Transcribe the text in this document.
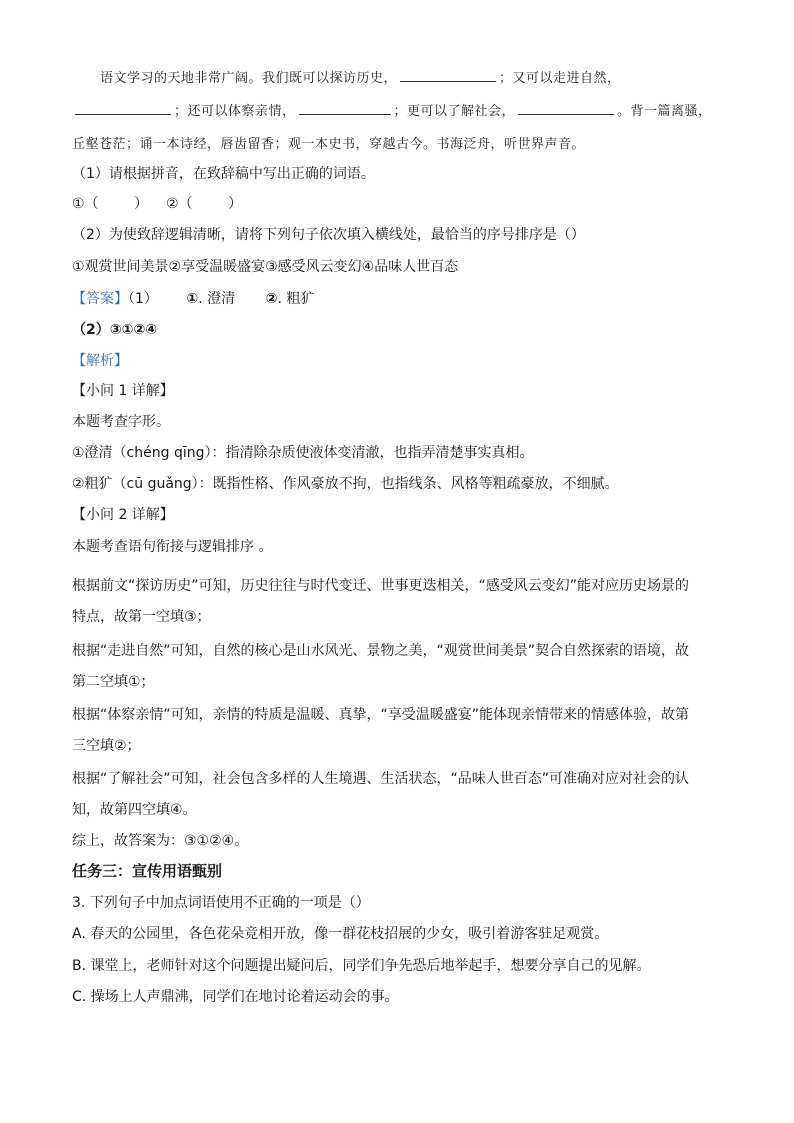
语文学习的天地非常广阔。我们既可以探访历史，	；又可以走进自然，
；还可以体察亲情，	；更可以了解社会，	。背一篇离骚，
丘壑苍茫；诵一本诗经，唇齿留香；观一本史书，穿越古今。书海泛舟，听世界声音。
（1）请根据拼音，在致辞稿中写出正确的词语。
①（        ）    ②（        ）
（2）为使致辞逻辑清晰，请将下列句子依次填入横线处，最恰当的序号排序是（）
①观赏世间美景②享受温暖盛宴③感受风云变幻④品味人世百态
【答案】（1） ①. 澄清 ②. 粗犷
（2）③①②④
【解析】
【小问 1 详解】
本题考查字形。
①澄清（chéng qīng）：指清除杂质使液体变清澈，也指弄清楚事实真相。
②粗犷（cū guǎng）：既指性格、作风豪放不拘，也指线条、风格等粗疏豪放，不细腻。
【小问 2 详解】
本题考查语句衔接与逻辑排序 。
根据前文“探访历史”可知，历史往往与时代变迁、世事更迭相关，“感受风云变幻”能对应历史场景的
特点，故第一空填③；
根据“走进自然”可知，自然的核心是山水风光、景物之美，“观赏世间美景”契合自然探索的语境，故
第二空填①；
根据“体察亲情”可知，亲情的特质是温暖、真挚，“享受温暖盛宴”能体现亲情带来的情感体验，故第
三空填②；
根据“了解社会”可知，社会包含多样的人生境遇、生活状态，“品味人世百态”可准确对应对社会的认
知，故第四空填④。
综上，故答案为：③①②④。
任务三：宣传用语甄别
3. 下列句子中加点词语使用不正确的一项是（）
A. 春天的公园里，各色花朵竞相开放，像一群花枝招展的少女，吸引着游客驻足观赏。
B. 课堂上，老师针对这个问题提出疑问后，同学们争先恐后地举起手，想要分享自己的见解。
C. 操场上人声鼎沸，同学们在地讨论着运动会的事。
